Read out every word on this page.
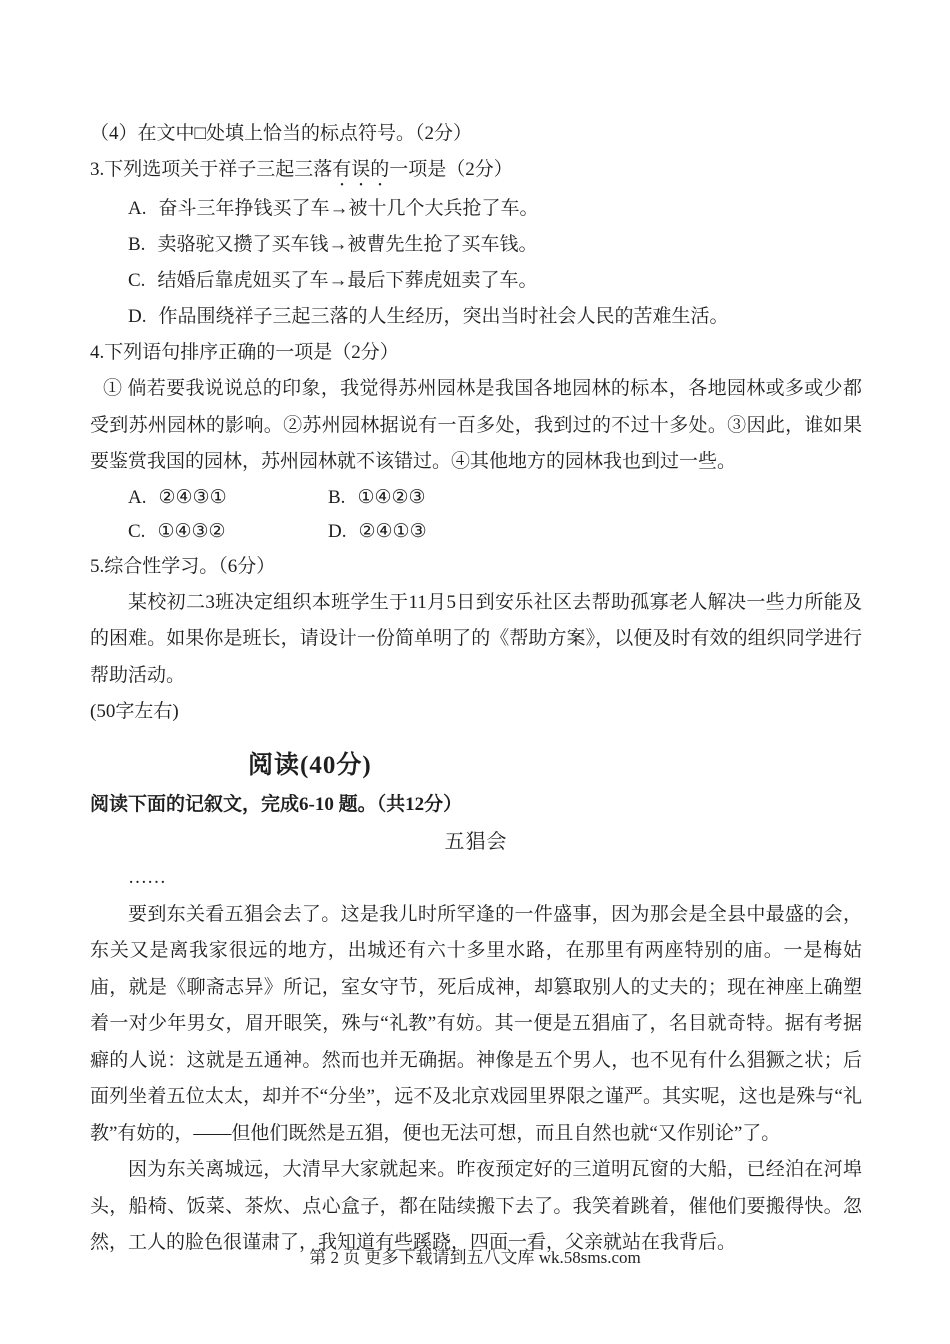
（4）在文中□处填上恰当的标点符号。（2分）

3.下列选项关于祥子三起三落有误的一项是（2分）

A. 奋斗三年挣钱买了车→被十几个大兵抢了车。

B. 卖骆驼又攒了买车钱→被曹先生抢了买车钱。

C. 结婚后靠虎妞买了车→最后下葬虎妞卖了车。

D. 作品围绕祥子三起三落的人生经历，突出当时社会人民的苦难生活。

4.下列语句排序正确的一项是（2分）

① 倘若要我说说总的印象，我觉得苏州园林是我国各地园林的标本，各地园林或多或少都受到苏州园林的影响。②苏州园林据说有一百多处，我到过的不过十多处。③因此，谁如果要鉴赏我国的园林，苏州园林就不该错过。④其他地方的园林我也到过一些。

A. ②④③①	B. ①④②③
C. ①④③②	D. ②④①③

5.综合性学习。（6分）

某校初二3班决定组织本班学生于11月5日到安乐社区去帮助孤寡老人解决一些力所能及的困难。如果你是班长，请设计一份简单明了的《帮助方案》，以便及时有效的组织同学进行帮助活动。

(50字左右)

阅读(40分)

阅读下面的记叙文，完成6-10 题。（共12分）

五猖会

……

要到东关看五猖会去了。这是我儿时所罕逢的一件盛事，因为那会是全县中最盛的会，东关又是离我家很远的地方，出城还有六十多里水路，在那里有两座特别的庙。一是梅姑庙，就是《聊斋志异》所记，室女守节，死后成神，却篡取别人的丈夫的；现在神座上确塑着一对少年男女，眉开眼笑，殊与“礼教”有妨。其一便是五猖庙了，名目就奇特。据有考据癖的人说：这就是五通神。然而也并无确据。神像是五个男人，也不见有什么猖獗之状；后面列坐着五位太太，却并不“分坐”，远不及北京戏园里界限之谨严。其实呢，这也是殊与“礼教”有妨的，——但他们既然是五猖，便也无法可想，而且自然也就“又作别论”了。

因为东关离城远，大清早大家就起来。昨夜预定好的三道明瓦窗的大船，已经泊在河埠头，船椅、饭菜、茶炊、点心盒子，都在陆续搬下去了。我笑着跳着，催他们要搬得快。忽然，工人的脸色很谨肃了，我知道有些蹊跷，四面一看，父亲就站在我背后。

第 2 页 更多下载请到五八文库 wk.58sms.com
